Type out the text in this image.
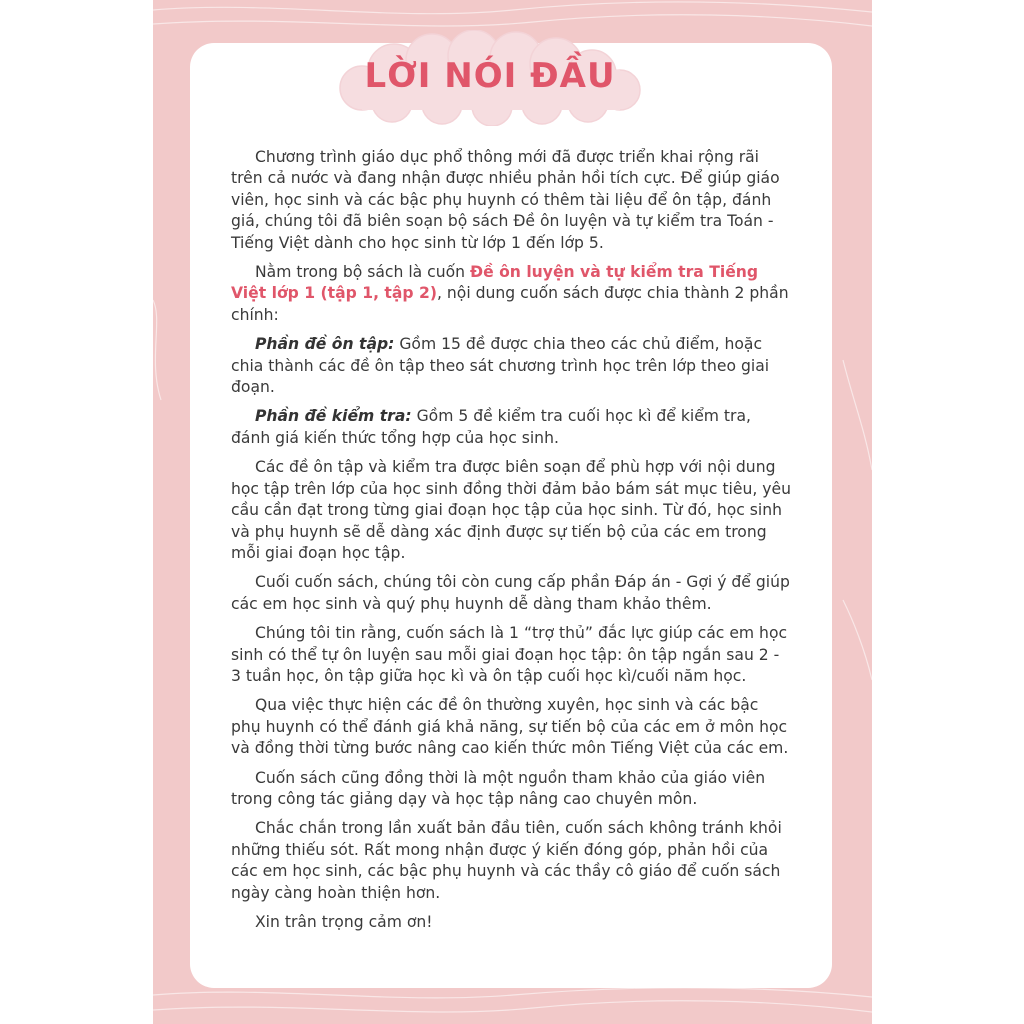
LỜI NÓI ĐẦU

Chương trình giáo dục phổ thông mới đã được triển khai rộng rãi trên cả nước và đang nhận được nhiều phản hồi tích cực. Để giúp giáo viên, học sinh và các bậc phụ huynh có thêm tài liệu để ôn tập, đánh giá, chúng tôi đã biên soạn bộ sách Đề ôn luyện và tự kiểm tra Toán - Tiếng Việt dành cho học sinh từ lớp 1 đến lớp 5.

Nằm trong bộ sách là cuốn Đề ôn luyện và tự kiểm tra Tiếng Việt lớp 1 (tập 1, tập 2), nội dung cuốn sách được chia thành 2 phần chính:

Phần đề ôn tập: Gồm 15 đề được chia theo các chủ điểm, hoặc chia thành các đề ôn tập theo sát chương trình học trên lớp theo giai đoạn.

Phần đề kiểm tra: Gồm 5 đề kiểm tra cuối học kì để kiểm tra, đánh giá kiến thức tổng hợp của học sinh.

Các đề ôn tập và kiểm tra được biên soạn để phù hợp với nội dung học tập trên lớp của học sinh đồng thời đảm bảo bám sát mục tiêu, yêu cầu cần đạt trong từng giai đoạn học tập của học sinh. Từ đó, học sinh và phụ huynh sẽ dễ dàng xác định được sự tiến bộ của các em trong mỗi giai đoạn học tập.

Cuối cuốn sách, chúng tôi còn cung cấp phần Đáp án - Gợi ý để giúp các em học sinh và quý phụ huynh dễ dàng tham khảo thêm.

Chúng tôi tin rằng, cuốn sách là 1 “trợ thủ” đắc lực giúp các em học sinh có thể tự ôn luyện sau mỗi giai đoạn học tập: ôn tập ngắn sau 2 - 3 tuần học, ôn tập giữa học kì và ôn tập cuối học kì/cuối năm học.

Qua việc thực hiện các đề ôn thường xuyên, học sinh và các bậc phụ huynh có thể đánh giá khả năng, sự tiến bộ của các em ở môn học và đồng thời từng bước nâng cao kiến thức môn Tiếng Việt của các em.

Cuốn sách cũng đồng thời là một nguồn tham khảo của giáo viên trong công tác giảng dạy và học tập nâng cao chuyên môn.

Chắc chắn trong lần xuất bản đầu tiên, cuốn sách không tránh khỏi những thiếu sót. Rất mong nhận được ý kiến đóng góp, phản hồi của các em học sinh, các bậc phụ huynh và các thầy cô giáo để cuốn sách ngày càng hoàn thiện hơn.

Xin trân trọng cảm ơn!
